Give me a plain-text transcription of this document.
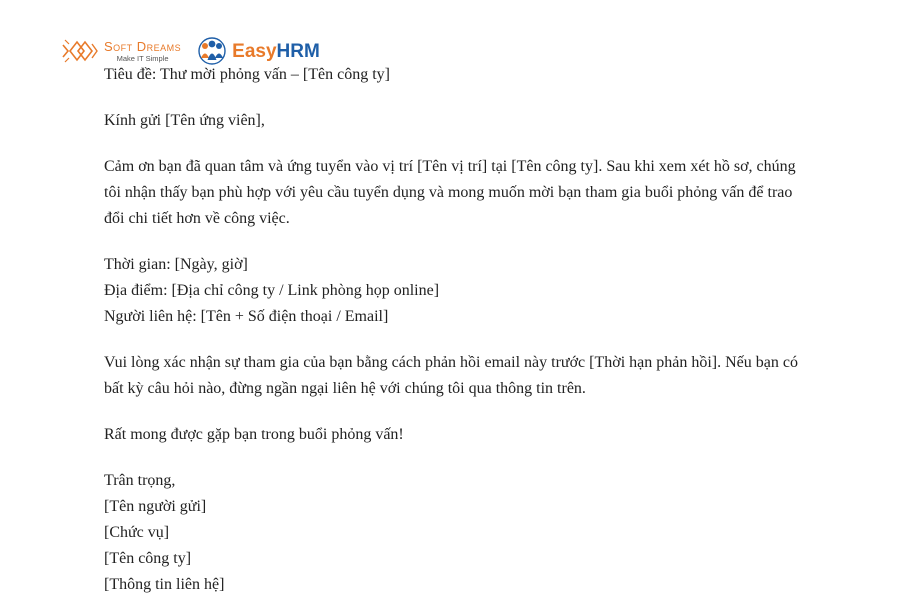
Soft Dreams
Make IT Simple	EasyHRM

Tiêu đề: Thư mời phỏng vấn – [Tên công ty]

Kính gửi [Tên ứng viên],

Cảm ơn bạn đã quan tâm và ứng tuyển vào vị trí [Tên vị trí] tại [Tên công ty]. Sau khi xem xét hồ sơ, chúng tôi nhận thấy bạn phù hợp với yêu cầu tuyển dụng và mong muốn mời bạn tham gia buổi phỏng vấn để trao đổi chi tiết hơn về công việc.

Thời gian: [Ngày, giờ]
Địa điểm: [Địa chỉ công ty / Link phòng họp online]
Người liên hệ: [Tên + Số điện thoại / Email]

Vui lòng xác nhận sự tham gia của bạn bằng cách phản hồi email này trước [Thời hạn phản hồi]. Nếu bạn có bất kỳ câu hỏi nào, đừng ngần ngại liên hệ với chúng tôi qua thông tin trên.

Rất mong được gặp bạn trong buổi phỏng vấn!

Trân trọng,
[Tên người gửi]
[Chức vụ]
[Tên công ty]
[Thông tin liên hệ]
